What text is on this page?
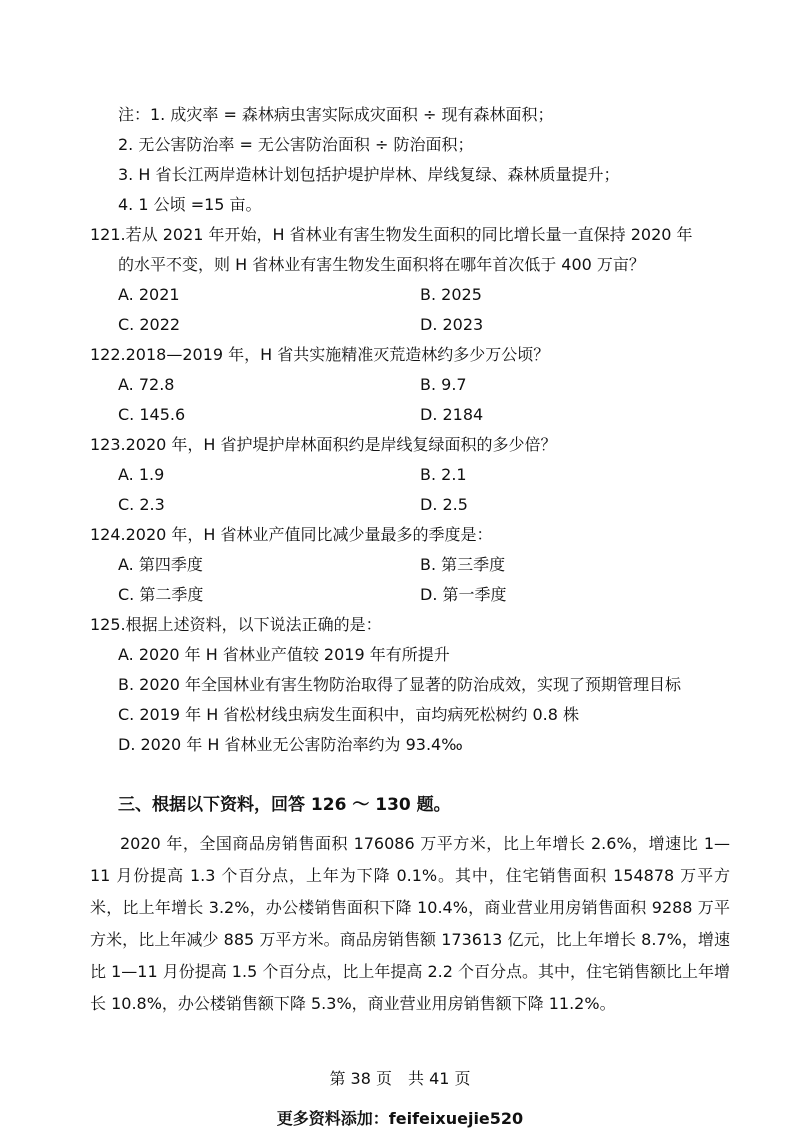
注：1. 成灾率 = 森林病虫害实际成灾面积 ÷ 现有森林面积；
2. 无公害防治率 = 无公害防治面积 ÷ 防治面积；
3. H 省长江两岸造林计划包括护堤护岸林、岸线复绿、森林质量提升；
4. 1 公顷 =15 亩。
121.若从 2021 年开始，H 省林业有害生物发生面积的同比增长量一直保持 2020 年
的水平不变，则 H 省林业有害生物发生面积将在哪年首次低于 400 万亩？
A. 2021	B. 2025
C. 2022	D. 2023
122.2018—2019 年，H 省共实施精准灭荒造林约多少万公顷？
A. 72.8	B. 9.7
C. 145.6	D. 2184
123.2020 年，H 省护堤护岸林面积约是岸线复绿面积的多少倍？
A. 1.9	B. 2.1
C. 2.3	D. 2.5
124.2020 年，H 省林业产值同比减少量最多的季度是：
A. 第四季度	B. 第三季度
C. 第二季度	D. 第一季度
125.根据上述资料，以下说法正确的是：
A. 2020 年 H 省林业产值较 2019 年有所提升
B. 2020 年全国林业有害生物防治取得了显著的防治成效，实现了预期管理目标
C. 2019 年 H 省松材线虫病发生面积中，亩均病死松树约 0.8 株
D. 2020 年 H 省林业无公害防治率约为 93.4‰
三、根据以下资料，回答 126 ～ 130 题。
2020 年，全国商品房销售面积 176086 万平方米，比上年增长 2.6%，增速比 1—11 月份提高 1.3 个百分点，上年为下降 0.1%。其中，住宅销售面积 154878 万平方米，比上年增长 3.2%，办公楼销售面积下降 10.4%，商业营业用房销售面积 9288 万平方米，比上年减少 885 万平方米。商品房销售额 173613 亿元，比上年增长 8.7%，增速比 1—11 月份提高 1.5 个百分点，比上年提高 2.2 个百分点。其中，住宅销售额比上年增长 10.8%，办公楼销售额下降 5.3%，商业营业用房销售额下降 11.2%。
第 38 页　共 41 页
更多资料添加：feifeixuejie520
